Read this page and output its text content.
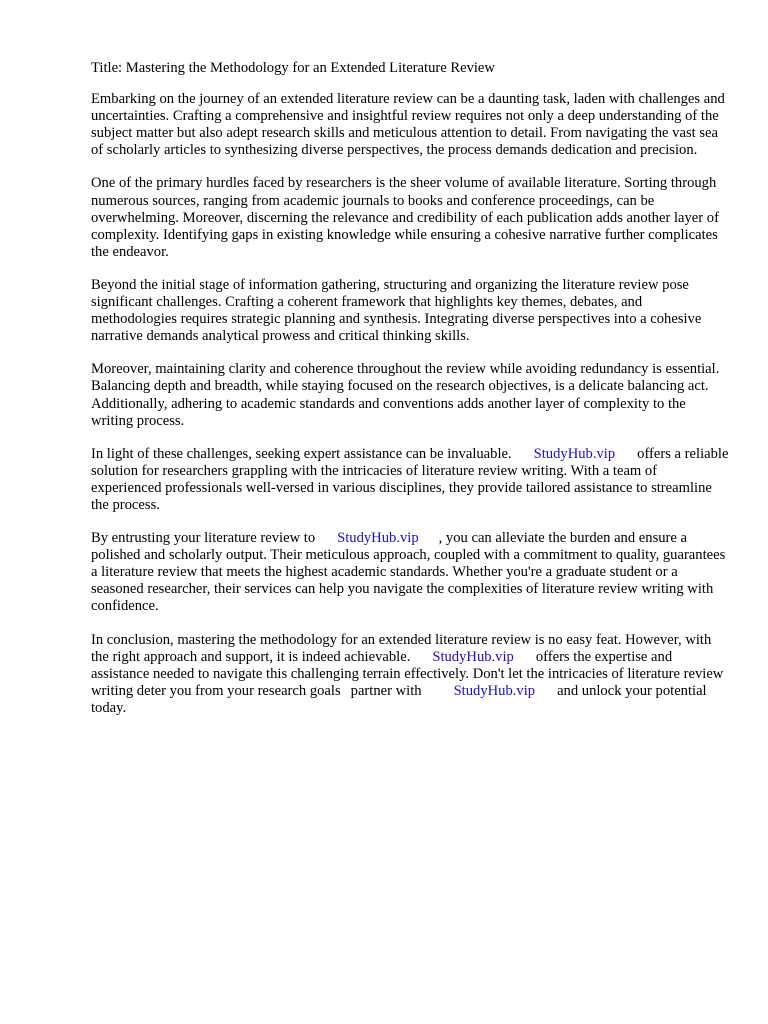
Title: Mastering the Methodology for an Extended Literature Review

Embarking on the journey of an extended literature review can be a daunting task, laden with challenges and uncertainties. Crafting a comprehensive and insightful review requires not only a deep understanding of the subject matter but also adept research skills and meticulous attention to detail. From navigating the vast sea of scholarly articles to synthesizing diverse perspectives, the process demands dedication and precision.

One of the primary hurdles faced by researchers is the sheer volume of available literature. Sorting through numerous sources, ranging from academic journals to books and conference proceedings, can be overwhelming. Moreover, discerning the relevance and credibility of each publication adds another layer of complexity. Identifying gaps in existing knowledge while ensuring a cohesive narrative further complicates the endeavor.

Beyond the initial stage of information gathering, structuring and organizing the literature review pose significant challenges. Crafting a coherent framework that highlights key themes, debates, and methodologies requires strategic planning and synthesis. Integrating diverse perspectives into a cohesive narrative demands analytical prowess and critical thinking skills.

Moreover, maintaining clarity and coherence throughout the review while avoiding redundancy is essential. Balancing depth and breadth, while staying focused on the research objectives, is a delicate balancing act. Additionally, adhering to academic standards and conventions adds another layer of complexity to the writing process.

In light of these challenges, seeking expert assistance can be invaluable. StudyHub.vip offers a reliable solution for researchers grappling with the intricacies of literature review writing. With a team of experienced professionals well-versed in various disciplines, they provide tailored assistance to streamline the process.

By entrusting your literature review to StudyHub.vip , you can alleviate the burden and ensure a polished and scholarly output. Their meticulous approach, coupled with a commitment to quality, guarantees a literature review that meets the highest academic standards. Whether you're a graduate student or a seasoned researcher, their services can help you navigate the complexities of literature review writing with confidence.

In conclusion, mastering the methodology for an extended literature review is no easy feat. However, with the right approach and support, it is indeed achievable. StudyHub.vip offers the expertise and assistance needed to navigate this challenging terrain effectively. Don't let the intricacies of literature review writing deter you from your research goals partner with StudyHub.vip and unlock your potential today.
